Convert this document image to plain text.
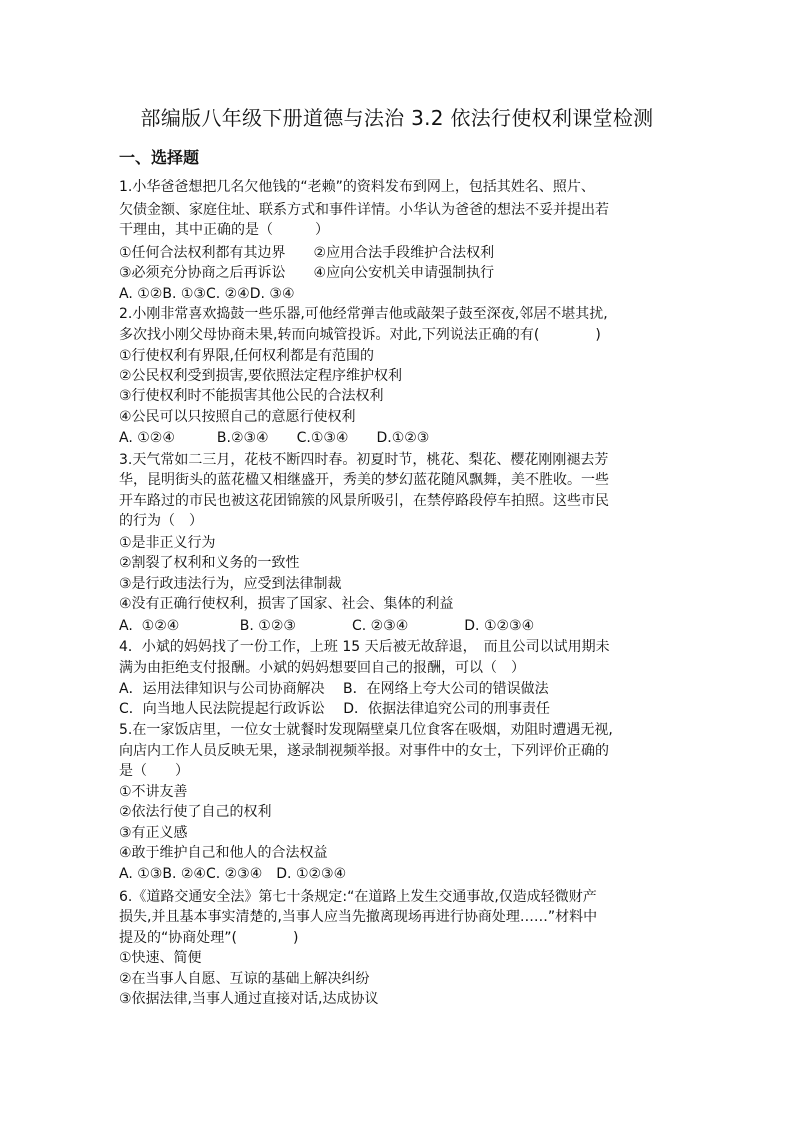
部编版八年级下册道德与法治 3.2 依法行使权利课堂检测
一、选择题
1.小华爸爸想把几名欠他钱的“老赖”的资料发布到网上，包括其姓名、照片、
欠债金额、家庭住址、联系方式和事件详情。小华认为爸爸的想法不妥并提出若
干理由，其中正确的是（　　　）
①任何合法权利都有其边界　　②应用合法手段维护合法权利
③必须充分协商之后再诉讼　　④应向公安机关申请强制执行
A. ①②B. ①③C. ②④D. ③④
2.小刚非常喜欢捣鼓一些乐器,可他经常弹吉他或敲架子鼓至深夜,邻居不堪其扰,
多次找小刚父母协商未果,转而向城管投诉。对此,下列说法正确的有(　　　　)
①行使权利有界限,任何权利都是有范围的
②公民权利受到损害,要依照法定程序维护权利
③行使权利时不能损害其他公民的合法权利
④公民可以只按照自己的意愿行使权利
A. ①②④　　　B.②③④　　C.①③④　　D.①②③
3.天气常如二三月，花枝不断四时春。初夏时节，桃花、梨花、樱花刚刚褪去芳
华，昆明街头的蓝花楹又相继盛开，秀美的梦幻蓝花随风飘舞，美不胜收。一些
开车路过的市民也被这花团锦簇的风景所吸引，在禁停路段停车拍照。这些市民
的行为（　）
①是非正义行为
②割裂了权利和义务的一致性
③是行政违法行为，应受到法律制裁
④没有正确行使权利，损害了国家、社会、集体的利益
A.  ①②④　　　　 B. ①②③　　　　C. ②③④　　　　D. ①②③④
4．小斌的妈妈找了一份工作，上班 15 天后被无故辞退，　而且公司以试用期未
满为由拒绝支付报酬。小斌的妈妈想要回自己的报酬，可以（　）
A．运用法律知识与公司协商解决　 B．在网络上夸大公司的错误做法
C．向当地人民法院提起行政诉讼　 D．依据法律追究公司的刑事责任
5.在一家饭店里，一位女士就餐时发现隔壁桌几位食客在吸烟，劝阻时遭遇无视,
向店内工作人员反映无果，遂录制视频举报。对事件中的女士，下列评价正确的
是（　　）
①不讲友善
②依法行使了自己的权利
③有正义感
④敢于维护自己和他人的合法权益
A. ①③B. ②④C. ②③④　D. ①②③④
6.《道路交通安全法》第七十条规定:“在道路上发生交通事故,仅造成轻微财产
损失,并且基本事实清楚的,当事人应当先撤离现场再进行协商处理……”材料中
提及的“协商处理”(　　　　)
①快速、简便
②在当事人自愿、互谅的基础上解决纠纷
③依据法律,当事人通过直接对话,达成协议
